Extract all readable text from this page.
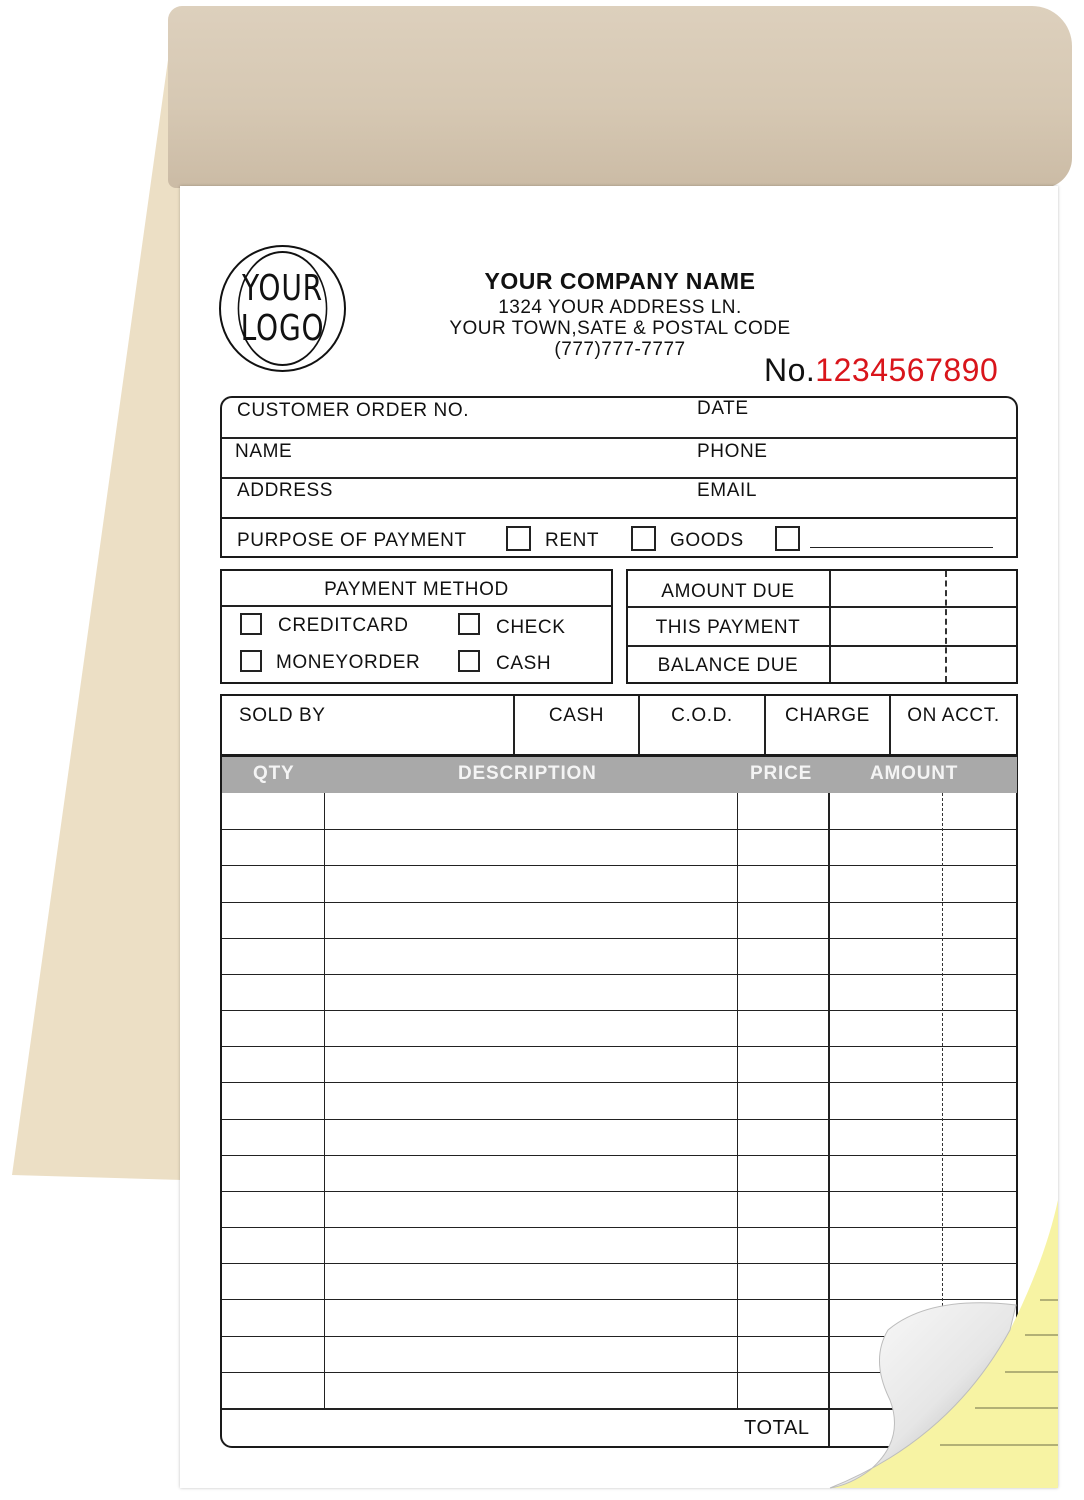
YOUR
LOGO
YOUR COMPANY NAME
1324 YOUR ADDRESS LN.
YOUR TOWN,SATE & POSTAL CODE
(777)777-7777
No.1234567890
CUSTOMER ORDER NO.	DATE
NAME	PHONE
ADDRESS	EMAIL
PURPOSE OF PAYMENT	RENT	GOODS
PAYMENT METHOD
CREDITCARD	CHECK
MONEYORDER	CASH
AMOUNT DUE
THIS PAYMENT
BALANCE DUE
SOLD BY	CASH	C.O.D.	CHARGE	ON ACCT.
QTY	DESCRIPTION	PRICE	AMOUNT
TOTAL
